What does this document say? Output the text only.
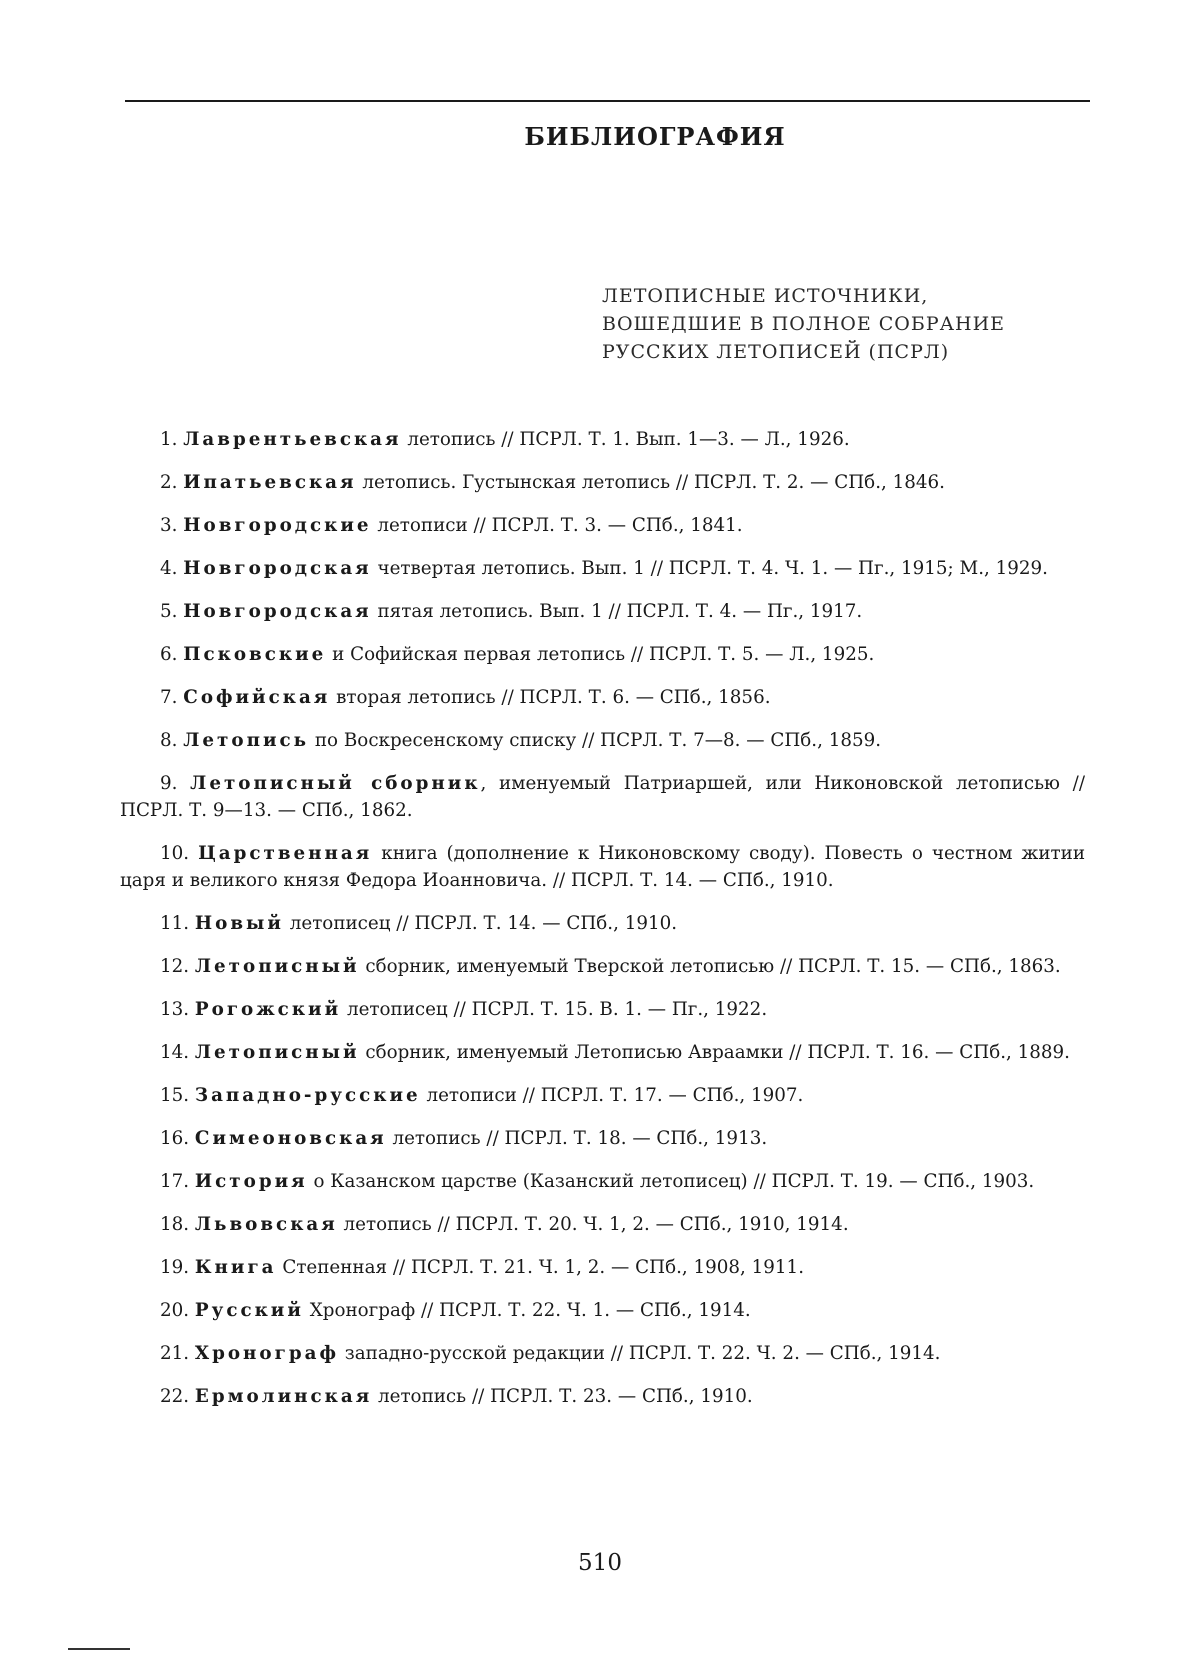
БИБЛИОГРАФИЯ
ЛЕТОПИСНЫЕ ИСТОЧНИКИ,
ВОШЕДШИЕ В ПОЛНОЕ СОБРАНИЕ
РУССКИХ ЛЕТОПИСЕЙ (ПСРЛ)

1. Лаврентьевская летопись // ПСРЛ. Т. 1. Вып. 1—3. — Л., 1926.

2. Ипатьевская летопись. Густынская летопись // ПСРЛ. Т. 2. — СПб., 1846.

3. Новгородские летописи // ПСРЛ. Т. 3. — СПб., 1841.

4. Новгородская четвертая летопись. Вып. 1 // ПСРЛ. Т. 4. Ч. 1. — Пг., 1915; М., 1929.

5. Новгородская пятая летопись. Вып. 1 // ПСРЛ. Т. 4. — Пг., 1917.

6. Псковские и Софийская первая летопись // ПСРЛ. Т. 5. — Л., 1925.

7. Софийская вторая летопись // ПСРЛ. Т. 6. — СПб., 1856.

8. Летопись по Воскресенскому списку // ПСРЛ. Т. 7—8. — СПб., 1859.

9. Летописный сборник, именуемый Патриаршей, или Никоновской летописью // ПСРЛ. Т. 9—13. — СПб., 1862.

10. Царственная книга (дополнение к Никоновскому своду). Повесть о честном житии царя и великого князя Федора Иоанновича. // ПСРЛ. Т. 14. — СПб., 1910.

11. Новый летописец // ПСРЛ. Т. 14. — СПб., 1910.

12. Летописный сборник, именуемый Тверской летописью // ПСРЛ. Т. 15. — СПб., 1863.

13. Рогожский летописец // ПСРЛ. Т. 15. В. 1. — Пг., 1922.

14. Летописный сборник, именуемый Летописью Авраамки // ПСРЛ. Т. 16. — СПб., 1889.

15. Западно-русские летописи // ПСРЛ. Т. 17. — СПб., 1907.

16. Симеоновская летопись // ПСРЛ. Т. 18. — СПб., 1913.

17. История о Казанском царстве (Казанский летописец) // ПСРЛ. Т. 19. — СПб., 1903.

18. Львовская летопись // ПСРЛ. Т. 20. Ч. 1, 2. — СПб., 1910, 1914.

19. Книга Степенная // ПСРЛ. Т. 21. Ч. 1, 2. — СПб., 1908, 1911.

20. Русский Хронограф // ПСРЛ. Т. 22. Ч. 1. — СПб., 1914.

21. Хронограф западно-русской редакции // ПСРЛ. Т. 22. Ч. 2. — СПб., 1914.

22. Ермолинская летопись // ПСРЛ. Т. 23. — СПб., 1910.

510
